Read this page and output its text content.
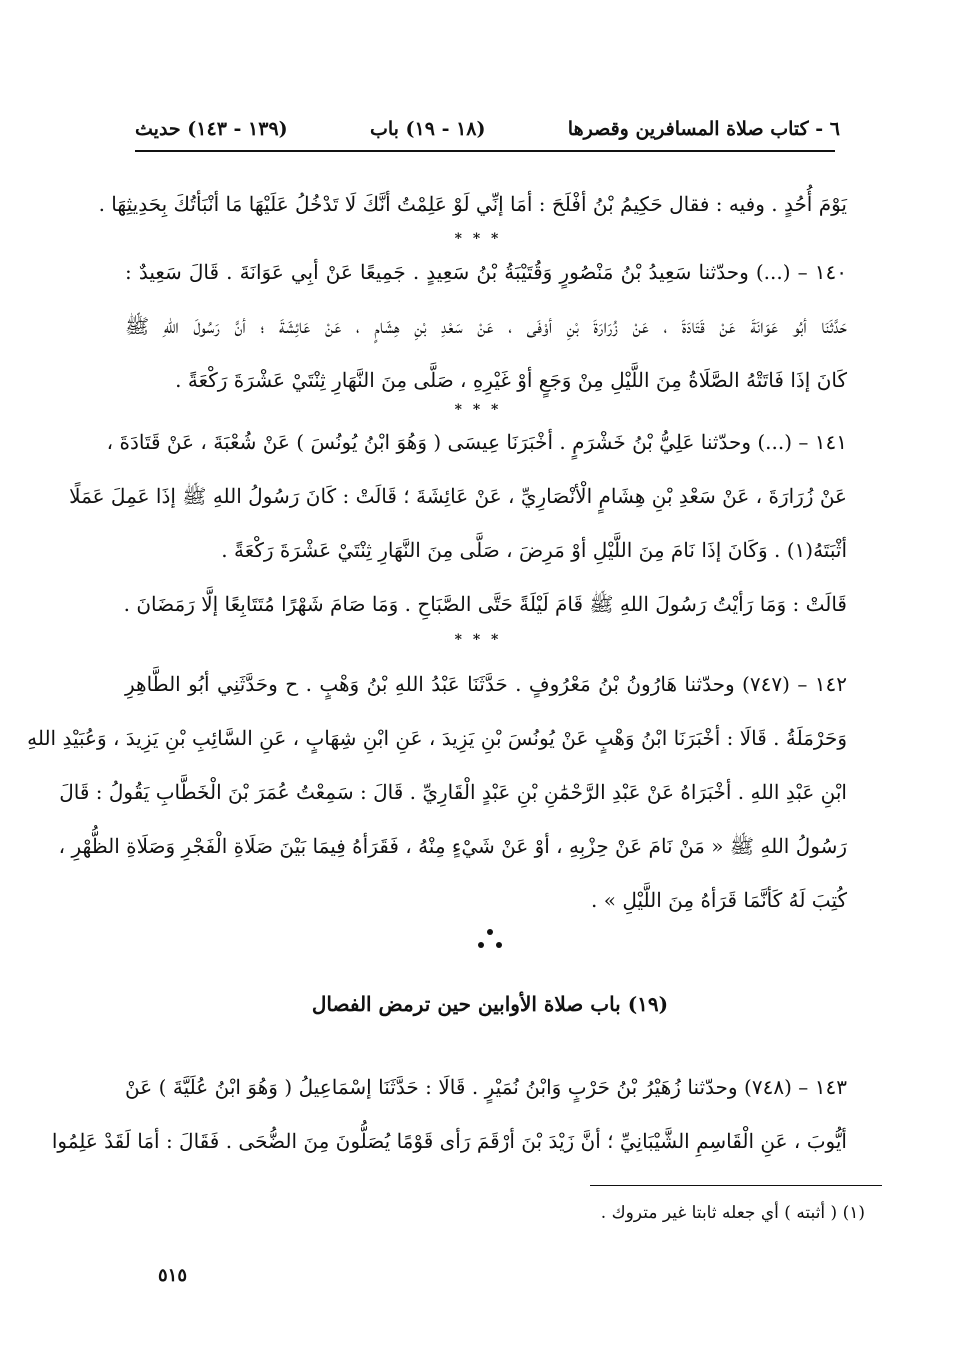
٦ - كتاب صلاة المسافرين وقصرها
(١٨ - ١٩) باب
(١٣٩ - ١٤٣) حديث
يَوْمَ أُحُدٍ . وفيه : فقال حَكِيمُ بْنُ أفْلَحَ : أمَا إنِّي لَوْ عَلِمْتُ أنَّكَ لَا تَدْخُلُ عَلَيْهَا مَا أنْبَأتُكَ بِحَدِيثِهَا .
* * *
١٤٠ – (...) وحدّثنا سَعِيدُ بْنُ مَنْصُورٍ وَقُتَيْبَةُ بْنُ سَعِيدٍ . جَمِيعًا عَنْ أبِي عَوَانَةَ . قَالَ سَعِيدٌ :
حَدَّثَنَا أبُو عَوَانَةَ عَنْ قَتَادَةَ ، عَنْ زُرَارَةَ بْنِ أوْفَى ، عَنْ سَعْدِ بْنِ هِشَامٍ ، عَنْ عَائِشَةَ ؛ أنَّ رَسُولَ اللهِ ﷺ
كَانَ إذَا فَاتَتْهُ الصَّلَاةُ مِنَ اللَّيْلِ مِنْ وَجَعٍ أوْ غَيْرِهِ ، صَلَّى مِنَ النَّهَارِ ثِنْتَيْ عَشْرَةَ رَكْعَةً .
* * *
١٤١ – (...) وحدّثنا عَلِيُّ بْنُ خَشْرَمٍ . أخْبَرَنَا عِيسَى ( وَهُوَ ابْنُ يُونُسَ ) عَنْ شُعْبَةَ ، عَنْ قَتَادَةَ ،
عَنْ زُرَارَةَ ، عَنْ سَعْدِ بْنِ هِشَامٍ الْأنْصَارِيِّ ، عَنْ عَائِشَةَ ؛ قَالَتْ : كَانَ رَسُولُ اللهِ ﷺ إذَا عَمِلَ عَمَلًا
أثْبَتَهُ(١) . وَكَانَ إذَا نَامَ مِنَ اللَّيْلِ أوْ مَرِضَ ، صَلَّى مِنَ النَّهَارِ ثِنْتَيْ عَشْرَةَ رَكْعَةً .
قَالَتْ : وَمَا رَأيْتُ رَسُولَ اللهِ ﷺ قَامَ لَيْلَةً حَتَّى الصَّبَاحِ . وَمَا صَامَ شَهْرًا مُتَتَابِعًا إلَّا رَمَضَانَ .
* * *
١٤٢ – (٧٤٧) وحدّثنا هَارُونُ بْنُ مَعْرُوفٍ . حَدَّثَنَا عَبْدُ اللهِ بْنُ وَهْبٍ . ح وحَدَّثَنِي أبُو الطَّاهِرِ
وَحَرْمَلَةُ . قَالَا : أخْبَرَنَا ابْنُ وَهْبٍ عَنْ يُونُسَ بْنِ يَزِيدَ ، عَنِ ابْنِ شِهَابٍ ، عَنِ السَّائِبِ بْنِ يَزِيدَ ، وَعُبَيْدِ اللهِ
ابْنِ عَبْدِ اللهِ . أخْبَرَاهُ عَنْ عَبْدِ الرَّحْمَٰنِ بْنِ عَبْدٍ الْقَارِيِّ . قَالَ : سَمِعْتُ عُمَرَ بْنَ الْخَطَّابِ يَقُولُ : قَالَ
رَسُولُ اللهِ ﷺ « مَنْ نَامَ عَنْ حِزْبِهِ ، أوْ عَنْ شَيْءٍ مِنْهُ ، فَقَرَأهُ فِيمَا بَيْنَ صَلَاةِ الْفَجْرِ وَصَلَاةِ الظُّهْرِ ،
كُتِبَ لَهُ كَأنَّمَا قَرَأهُ مِنَ اللَّيْلِ » .
(١٩) باب صلاة الأوابين حين ترمض الفصال
١٤٣ – (٧٤٨) وحدّثنا زُهَيْرُ بْنُ حَرْبٍ وَابْنُ نُمَيْرٍ . قَالَا : حَدَّثَنَا إسْمَاعِيلُ ( وَهُوَ ابْنُ عُلَيَّةَ ) عَنْ
أيُّوبَ ، عَنِ الْقَاسِمِ الشَّيْبَانِيِّ ؛ أنَّ زَيْدَ بْنَ أرْقَمَ رَأى قَوْمًا يُصَلُّونَ مِنَ الضُّحَى . فَقَالَ : أمَا لَقَدْ عَلِمُوا
(١) ( أثبته ) أي جعله ثابتا غير متروك .
٥١٥
